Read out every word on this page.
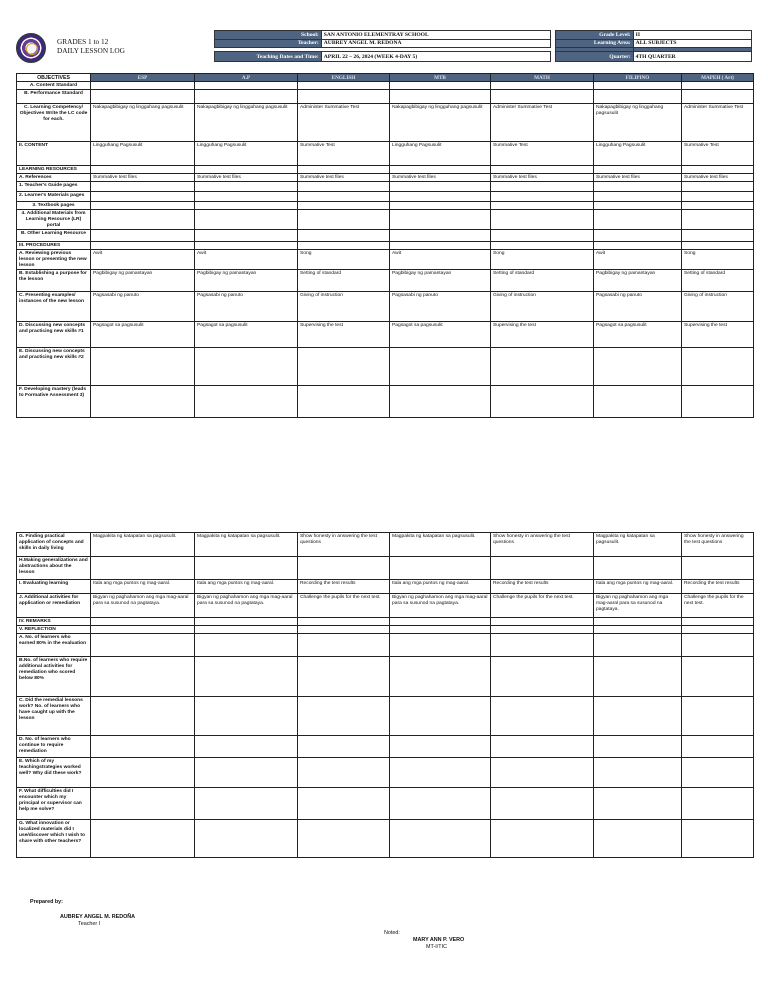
GRADES 1 to 12
DAILY LESSON LOG
School:	SAN ANTONIO ELEMENTRAY SCHOOL
Teacher:	AUBREY ANGEL M. REDONA

Teaching Dates and Time:	APRIL 22 – 26, 2024 (WEEK 4-DAY 5)
Grade Level:	II
Learning Area:	ALL SUBJECTS

Quarter:	4TH QUARTER
OBJECTIVES	ESP	A.P	ENGLISH	MTB	MATH	FILIPINO	MAPEH ( Art)
A. Content Standard							
B. Performance Standard							
C. Learning Competency/ Objectives Write the LC code for each.	Nakapagbibigay ng lingguhang pagsusulit	Nakapagbibigay ng lingguhang pagsusulit	Administer Summative Test	Nakapagbibigay ng lingguhang pagsusulit	Administer Summative Test	Nakapagbibigay ng lingguhang pagsusulit	Administer Summative Test
II. CONTENT	Lingguhang Pagsusulit	Lingguhang Pagsusulit	Summative Test	Lingguhang Pagsusulit	Summative Test	Lingguhang Pagsusulit	Summative Test
LEARNING RESOURCES							
A. References	Summative test files	Summative test files	Summative test files	Summative test files	Summative test files	Summative test files	Summative test files
1. Teacher's Guide pages							
2. Learner's Materials pages							
3. Textbook pages							
4. Additional Materials from Learning Resource (LR) portal							
B. Other Learning Resource							
III. PROCEDURES							
A. Reviewing previous lesson or presenting the new lesson	Awit	Awit	Song	Awit	Song	Awit	Song
B. Establishing a purpose for the lesson	Pagbibigay ng pamantayan	Pagbibigay ng pamantayan	Setting of standard	Pagbibigay ng pamantayan	Setting of standard	Pagbibigay ng pamantayan	Setting of standard
C. Presenting examples/ instances of the new lesson	Pagsasabi ng panuto	Pagsasabi ng panuto	Giving of instruction	Pagsasabi ng panuto	Giving of instruction	Pagsasabi ng panuto	Giving of instruction
D. Discussing new concepts and practicing new skills #1	Pagsagot sa pagsusulit	Pagsagot sa pagsusulit	Supervising the test	Pagsagot sa pagsusulit	Supervising the test	Pagsagot sa pagsusulit	Supervising the test
E. Discussing new concepts and practicing new skills #2							
F. Developing mastery (leads to Formative Assessment 3)							
G. Finding practical application of concepts and skills in daily living	Magpakita ng katapatan sa pagsusulit.	Magpakita ng katapatan sa pagsusulit.	Show honesty in answering the test questions	Magpakita ng katapatan sa pagsusulit.	Show honesty in answering the test questions	Magpakita ng katapatan sa pagsusulit.	Show honesty in answering the test questions
H.Making generalizations and abstractions about the lesson							
I. Evaluating learning	Itala ang mga puntos ng mag-aaral.	Itala ang mga puntos ng mag-aaral.	Recording the test results	Itala ang mga puntos ng mag-aaral.	Recording the test results	Itala ang mga puntos ng mag-aaral.	Recording the test results
J. Additional activities for application or remediation	Bigyan ng paghahamon ang mga mag-aaral para sa susunod na pagtataya.	Bigyan ng paghahamon ang mga mag-aaral para sa susunod na pagtataya.	Challenge the pupils for the next test.	Bigyan ng paghahamon ang mga mag-aaral para sa susunod na pagtataya.	Challenge the pupils for the next test.	Bigyan ng paghahamon ang mga mag-aaral para sa susunod na pagtataya.	Challenge the pupils for the next test.
IV. REMARKS							
V. REFLECTION							
A. No. of learners who earned 80% in the evaluation							
B.No. of learners who require additional activities for remediation who scored below 80%							
C. Did the remedial lessons work? No. of learners who have caught up with the lesson							
D. No. of learners who continue to require remediation							
E. Which of my teachingstrategies worked well? Why did these work?							
F. What difficulties did I encounter which my principal or supervisor can help me solve?							
G. What innovation or localized materials did I use/discover which I wish to share with other teachers?							
Prepared by:
AUBREY ANGEL M. REDOÑA
Teacher I
Noted:
MARY ANN P. VERO
MT-I/TIC
